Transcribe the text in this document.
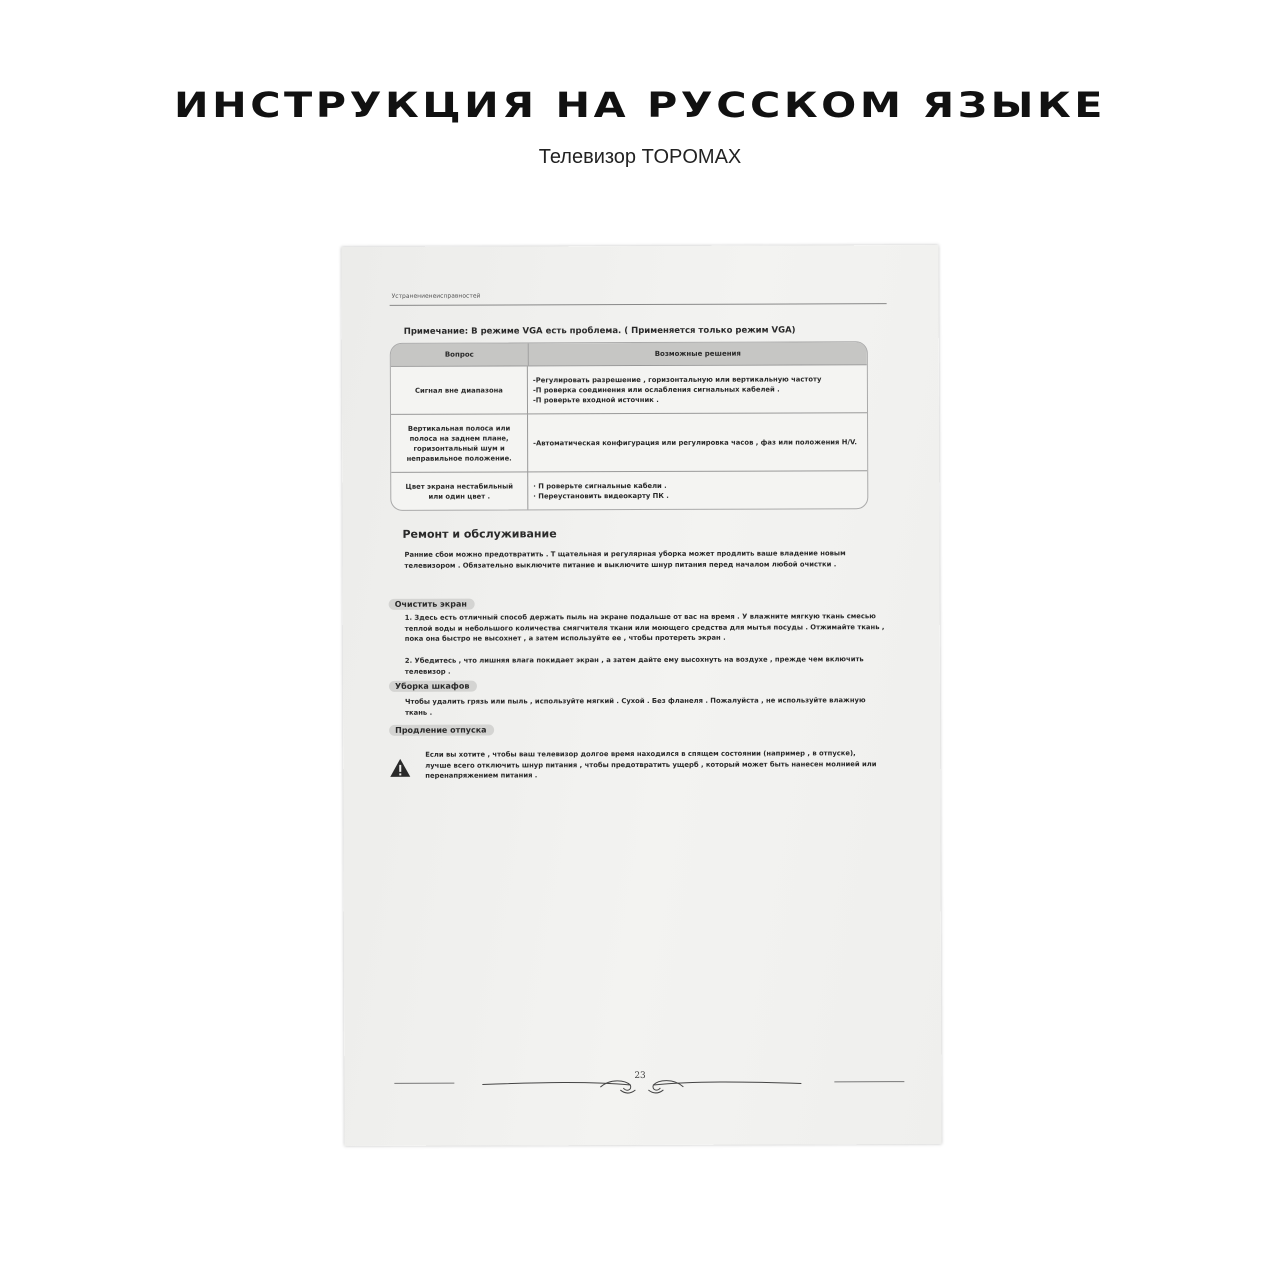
ИНСТРУКЦИЯ НА РУССКОМ ЯЗЫКЕ
Телевизор TOPOMAX
Устранениенеисправностей
Примечание: В режиме VGA есть проблема. ( Применяется только режим VGA)
Вопрос	Возможные решения
Сигнал вне диапазона
-Регулировать разрешение , горизонтальную или вертикальную частоту
-П роверка соединения или ослабления сигнальных кабелей .
-П роверьте входной источник .
Вертикальная полоса или полоса на заднем плане, горизонтальный шум и неправильное положение.
-Автоматическая конфигурация или регулировка часов , фаз или положения H/V.
Цвет экрана нестабильный или один цвет .
· П роверьте сигнальные кабели .
· Переустановить видеокарту ПК .
Ремонт и обслуживание
Ранние сбои можно предотвратить . Т щательная и регулярная уборка может продлить ваше владение новым телевизором . Обязательно выключите питание и выключите шнур питания перед началом любой очистки .
Очистить экран
1. Здесь есть отличный способ держать пыль на экране подальше от вас на время . У влажните мягкую ткань смесью теплой воды и небольшого количества смягчителя ткани или моющего средства для мытья посуды . Отжимайте ткань , пока она быстро не высохнет , а затем используйте ее , чтобы протереть экран .
2. Убедитесь , что лишняя влага покидает экран , а затем дайте ему высохнуть на воздухе , прежде чем включить телевизор .
Уборка шкафов
Чтобы удалить грязь или пыль , используйте мягкий . Сухой . Без фланеля . Пожалуйста , не используйте влажную ткань .
Продление отпуска
Если вы хотите , чтобы ваш телевизор долгое время находился в спящем состоянии (например , в отпуске), лучше всего отключить шнур питания , чтобы предотвратить ущерб , который может быть нанесен молнией или перенапряжением питания .
23
